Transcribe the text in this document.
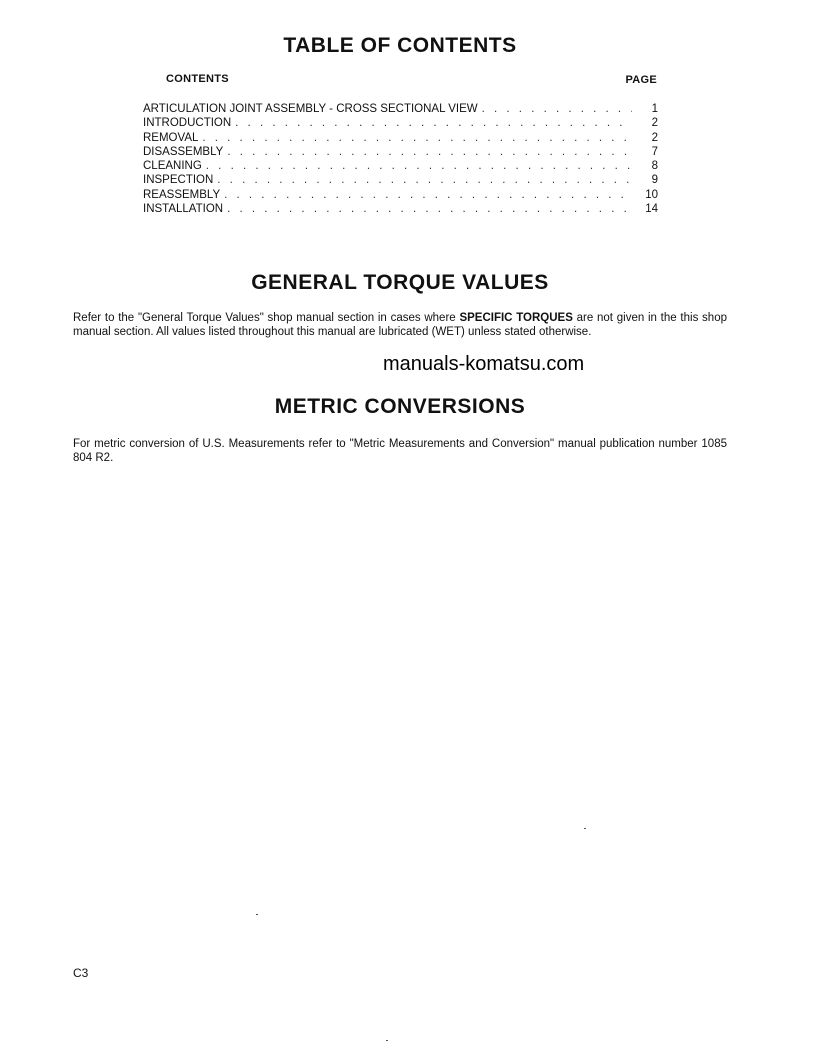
TABLE OF CONTENTS
CONTENTS	PAGE
ARTICULATION JOINT ASSEMBLY - CROSS SECTIONAL VIEW . . .	1
INTRODUCTION . . .	2
REMOVAL . . .	2
DISASSEMBLY . . .	7
CLEANING . . .	8
INSPECTION . . .	9
REASSEMBLY . . .	10
INSTALLATION . . .	14
GENERAL TORQUE VALUES

Refer to the "General Torque Values" shop manual section in cases where SPECIFIC TORQUES are not given in the this shop manual section. All values listed throughout this manual are lubricated (WET) unless stated otherwise.

manuals-komatsu.com
METRIC CONVERSIONS

For metric conversion of U.S. Measurements refer to "Metric Measurements and Conversion" manual publication number 1085 804 R2.

C3
